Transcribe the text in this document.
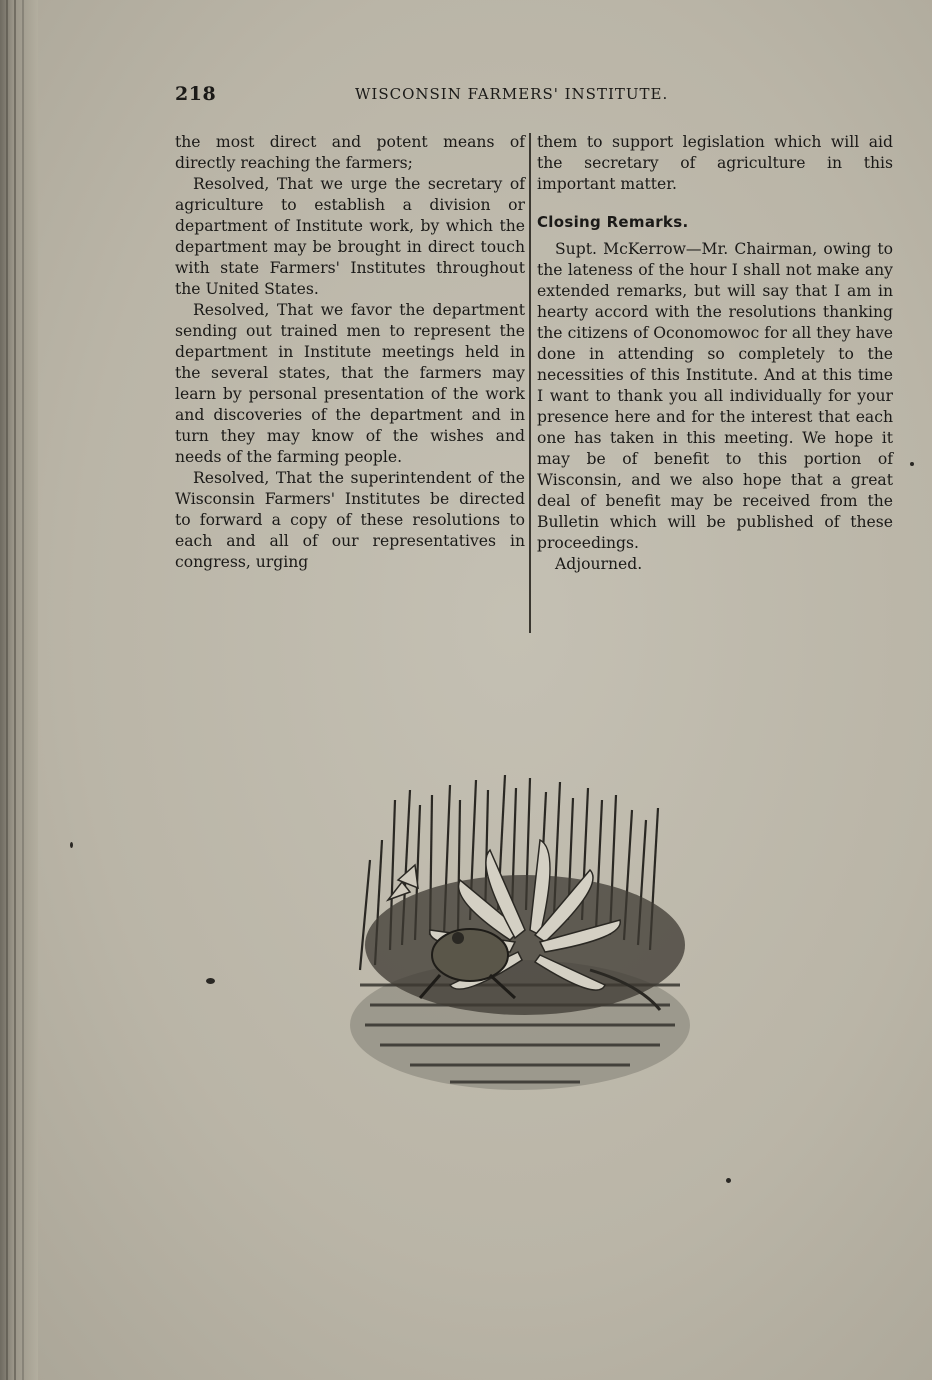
218	WISCONSIN FARMERS' INSTITUTE.

the most direct and potent means of directly reaching the farmers;

Resolved, That we urge the secretary of agriculture to establish a division or department of Institute work, by which the department may be brought in direct touch with state Farmers' Institutes throughout the United States.

Resolved, That we favor the department sending out trained men to represent the department in Institute meetings held in the several states, that the farmers may learn by personal presentation of the work and discoveries of the department and in turn they may know of the wishes and needs of the farming people.

Resolved, That the superintendent of the Wisconsin Farmers' Institutes be directed to forward a copy of these resolutions to each and all of our representatives in congress, urging

them to support legislation which will aid the secretary of agriculture in this important matter.

Closing Remarks.

Supt. McKerrow—Mr. Chairman, owing to the lateness of the hour I shall not make any extended remarks, but will say that I am in hearty accord with the resolutions thanking the citizens of Oconomowoc for all they have done in attending so completely to the necessities of this Institute. And at this time I want to thank you all individually for your presence here and for the interest that each one has taken in this meeting. We hope it may be of benefit to this portion of Wisconsin, and we also hope that a great deal of benefit may be received from the Bulletin which will be published of these proceedings.

Adjourned.
